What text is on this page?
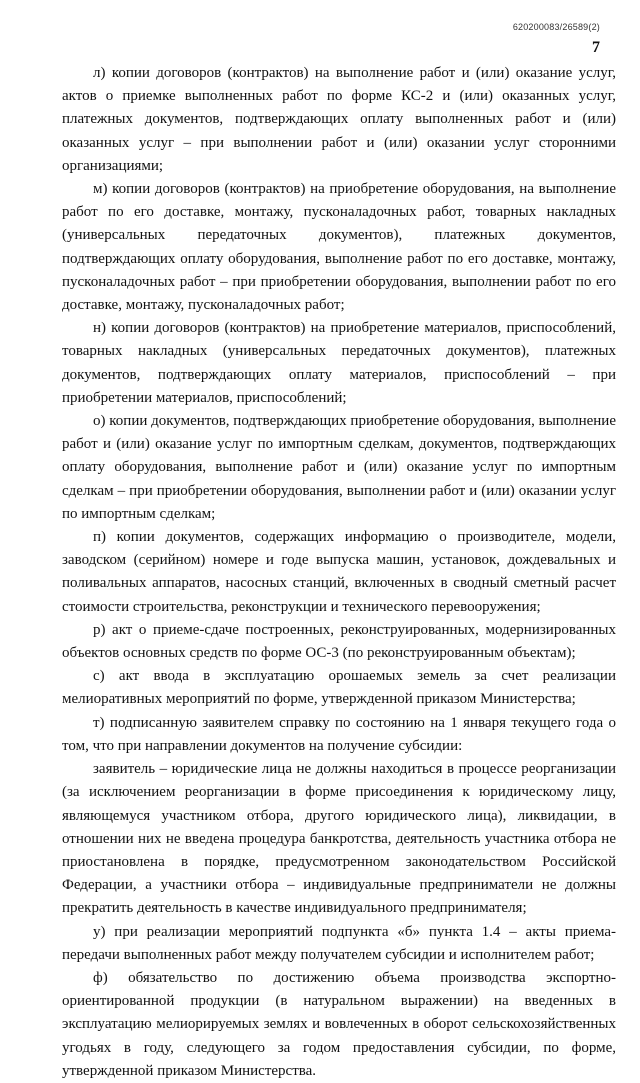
620200083/26589(2)
7

л) копии договоров (контрактов) на выполнение работ и (или) оказание услуг, актов о приемке выполненных работ по форме КС-2 и (или) оказанных услуг, платежных документов, подтверждающих оплату выполненных работ и (или) оказанных услуг – при выполнении работ и (или) оказании услуг сторонними организациями;

м) копии договоров (контрактов) на приобретение оборудования, на выполнение работ по его доставке, монтажу, пусконаладочных работ, товарных накладных (универсальных передаточных документов), платежных документов, подтверждающих оплату оборудования, выполнение работ по его доставке, монтажу, пусконаладочных работ – при приобретении оборудования, выполнении работ по его доставке, монтажу, пусконаладочных работ;

н) копии договоров (контрактов) на приобретение материалов, приспособлений, товарных накладных (универсальных передаточных документов), платежных документов, подтверждающих оплату материалов, приспособлений – при приобретении материалов, приспособлений;

о) копии документов, подтверждающих приобретение оборудования, выполнение работ и (или) оказание услуг по импортным сделкам, документов, подтверждающих оплату оборудования, выполнение работ и (или) оказание услуг по импортным сделкам – при приобретении оборудования, выполнении работ и (или) оказании услуг по импортным сделкам;

п) копии документов, содержащих информацию о производителе, модели, заводском (серийном) номере и годе выпуска машин, установок, дождевальных и поливальных аппаратов, насосных станций, включенных в сводный сметный расчет стоимости строительства, реконструкции и технического перевооружения;

р) акт о приеме-сдаче построенных, реконструированных, модернизированных объектов основных средств по форме ОС-3 (по реконструированным объектам);

с) акт ввода в эксплуатацию орошаемых земель за счет реализации мелиоративных мероприятий по форме, утвержденной приказом Министерства;

т) подписанную заявителем справку по состоянию на 1 января текущего года о том, что при направлении документов на получение субсидии:

заявитель – юридические лица не должны находиться в процессе реорганизации (за исключением реорганизации в форме присоединения к юридическому лицу, являющемуся участником отбора, другого юридического лица), ликвидации, в отношении них не введена процедура банкротства, деятельность участника отбора не приостановлена в порядке, предусмотренном законодательством Российской Федерации, а участники отбора – индивидуальные предприниматели не должны прекратить деятельность в качестве индивидуального предпринимателя;

у) при реализации мероприятий подпункта «б» пункта 1.4 – акты приема-передачи выполненных работ между получателем субсидии и исполнителем работ;

ф) обязательство по достижению объема производства экспортно-ориентированной продукции (в натуральном выражении) на введенных в эксплуатацию мелиорируемых землях и вовлеченных в оборот сельскохозяйственных угодьях в году, следующего за годом предоставления субсидии, по форме, утвержденной приказом Министерства.
